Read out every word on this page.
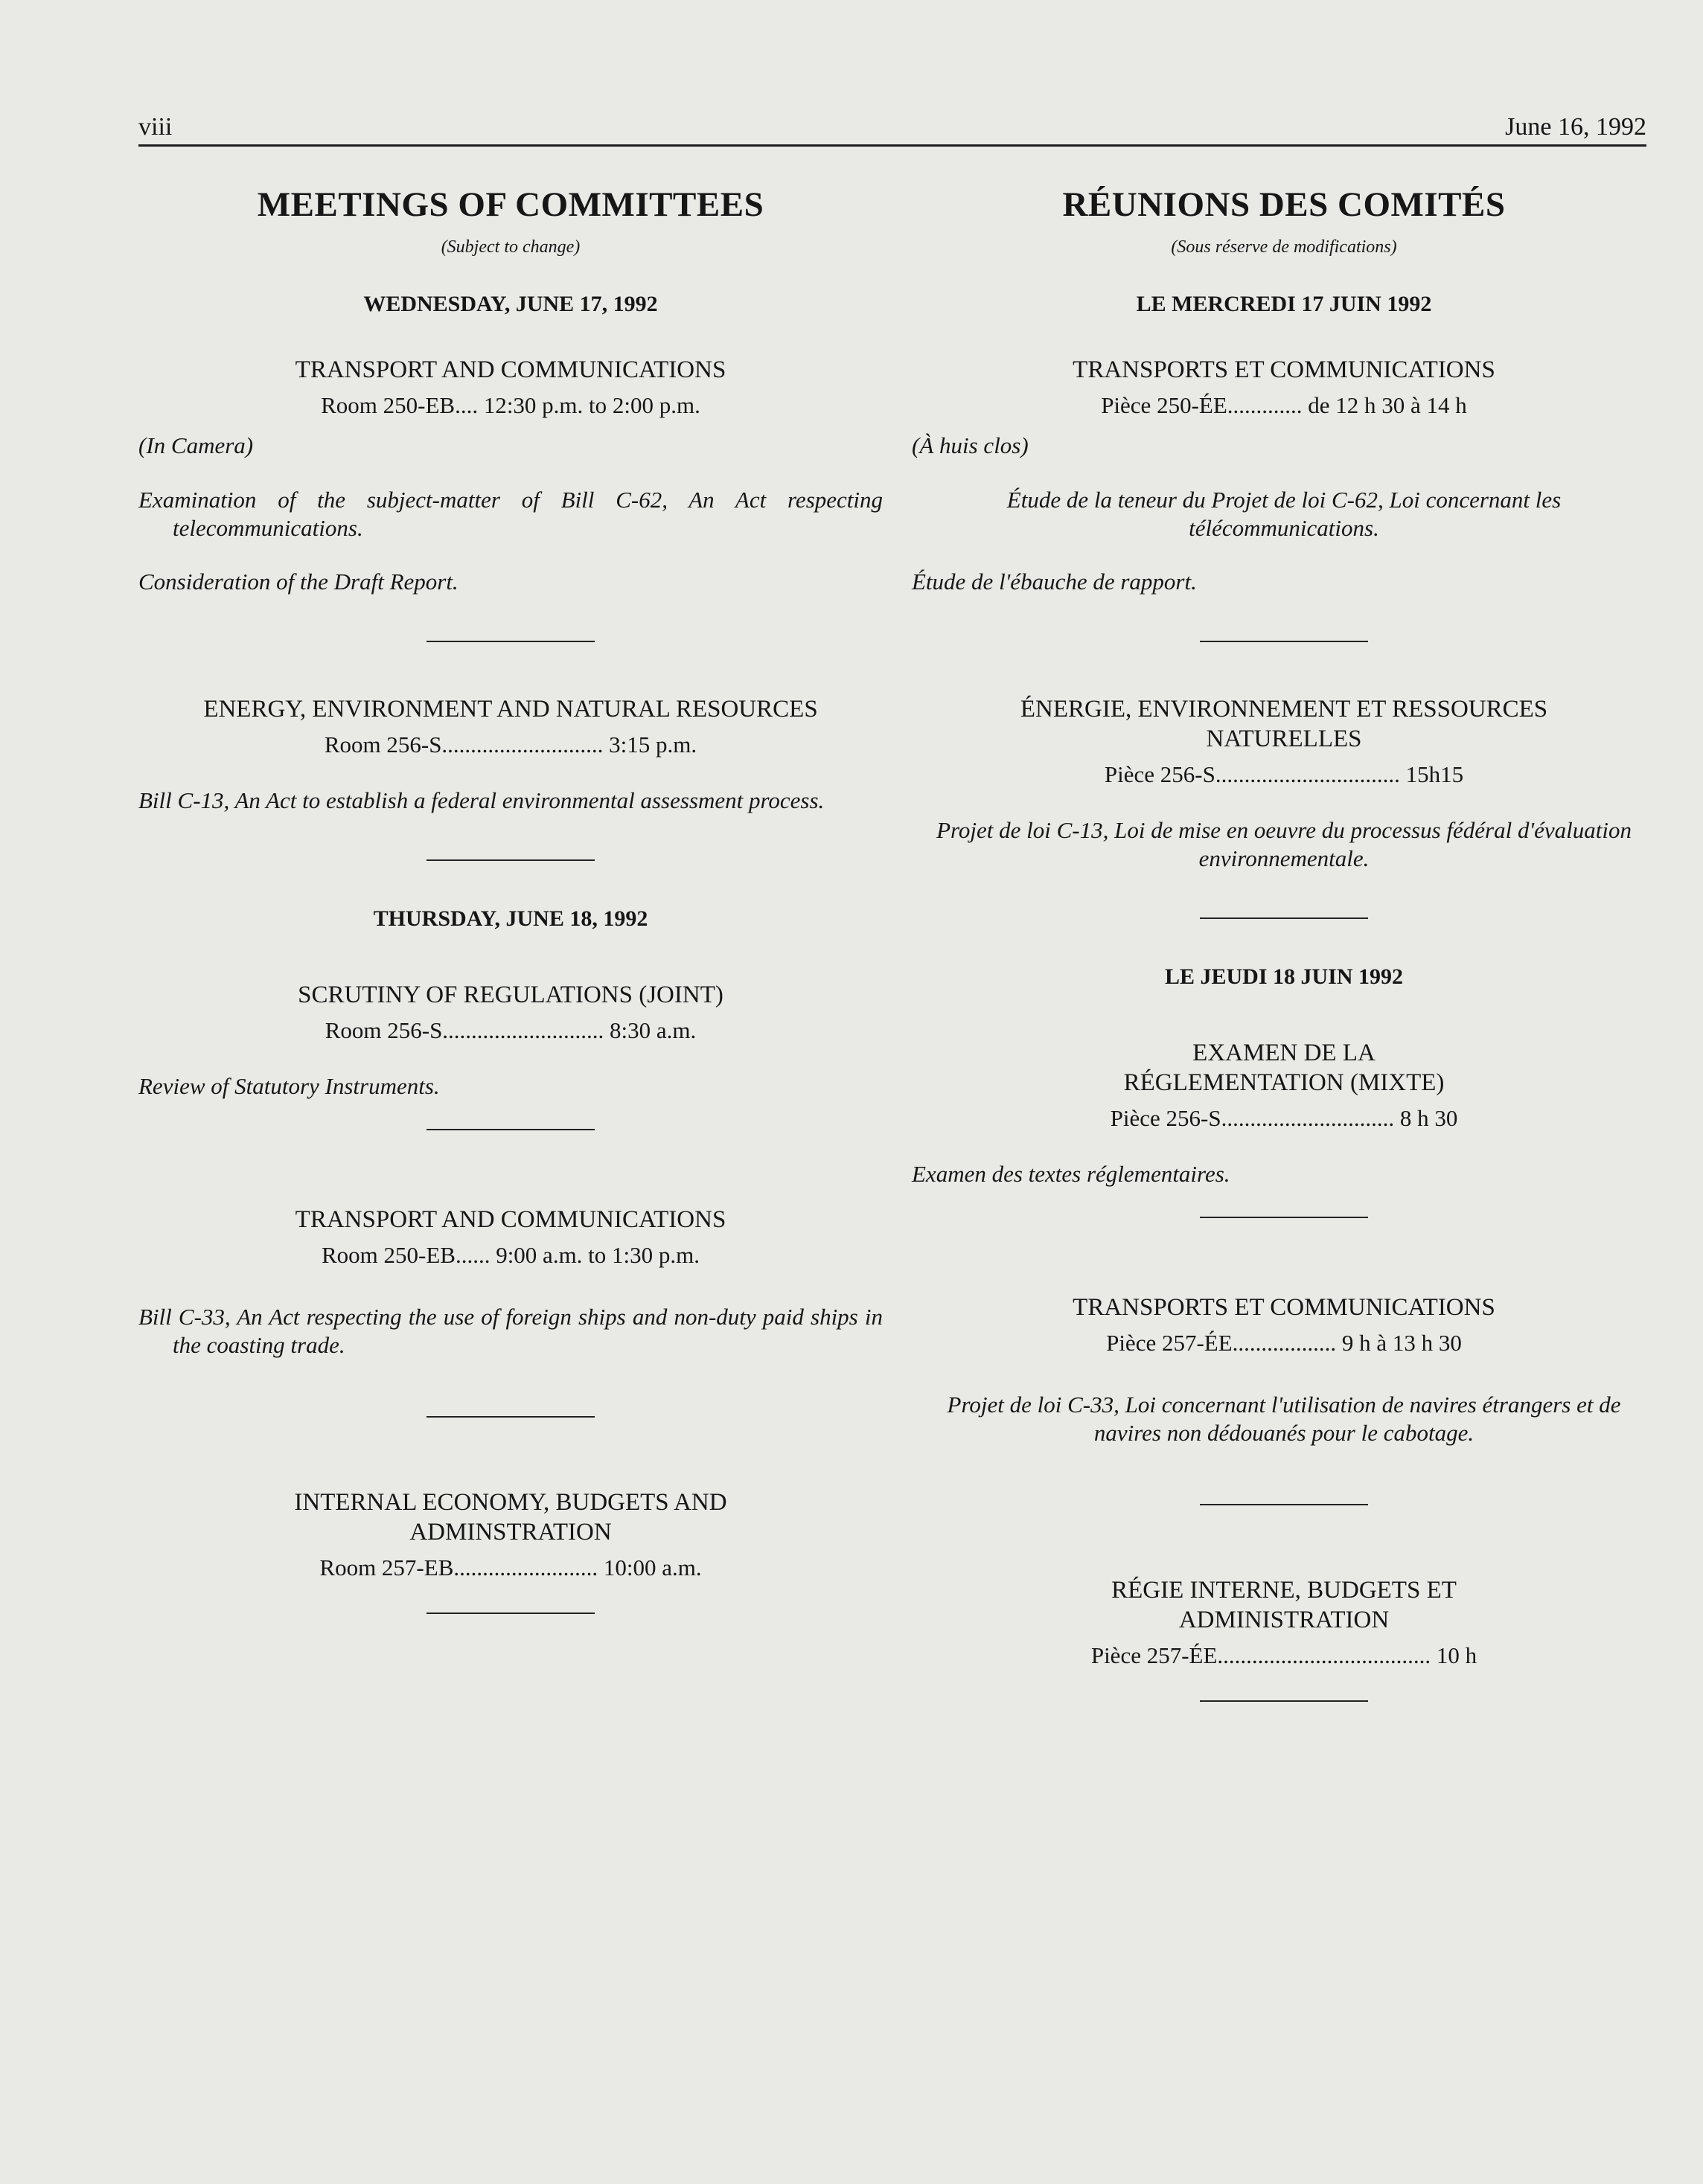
viii	June 16, 1992
MEETINGS OF COMMITTEES
(Subject to change)
WEDNESDAY, JUNE 17, 1992
TRANSPORT AND COMMUNICATIONS
Room 250-EB.... 12:30 p.m. to 2:00 p.m.
(In Camera)
Examination of the subject-matter of Bill C-62, An Act respecting telecommunications.
Consideration of the Draft Report.
ENERGY, ENVIRONMENT AND NATURAL RESOURCES
Room 256-S............................ 3:15 p.m.
Bill C-13, An Act to establish a federal environmental assessment process.
THURSDAY, JUNE 18, 1992
SCRUTINY OF REGULATIONS (JOINT)
Room 256-S............................ 8:30 a.m.
Review of Statutory Instruments.
TRANSPORT AND COMMUNICATIONS
Room 250-EB...... 9:00 a.m. to 1:30 p.m.
Bill C-33, An Act respecting the use of foreign ships and non-duty paid ships in the coasting trade.
INTERNAL ECONOMY, BUDGETS AND ADMINSTRATION
Room 257-EB......................... 10:00 a.m.
RÉUNIONS DES COMITÉS
(Sous réserve de modifications)
LE MERCREDI 17 JUIN 1992
TRANSPORTS ET COMMUNICATIONS
Pièce 250-ÉE............. de 12 h 30 à 14 h
(À huis clos)
Étude de la teneur du Projet de loi C-62, Loi concernant les télécommunications.
Étude de l'ébauche de rapport.
ÉNERGIE, ENVIRONNEMENT ET RESSOURCES NATURELLES
Pièce 256-S................................ 15h15
Projet de loi C-13, Loi de mise en oeuvre du processus fédéral d'évaluation environnementale.
LE JEUDI 18 JUIN 1992
EXAMEN DE LA RÉGLEMENTATION (MIXTE)
Pièce 256-S.............................. 8 h 30
Examen des textes réglementaires.
TRANSPORTS ET COMMUNICATIONS
Pièce 257-ÉE.................. 9 h à 13 h 30
Projet de loi C-33, Loi concernant l'utilisation de navires étrangers et de navires non dédouanés pour le cabotage.
RÉGIE INTERNE, BUDGETS ET ADMINISTRATION
Pièce 257-ÉE..................................... 10 h
